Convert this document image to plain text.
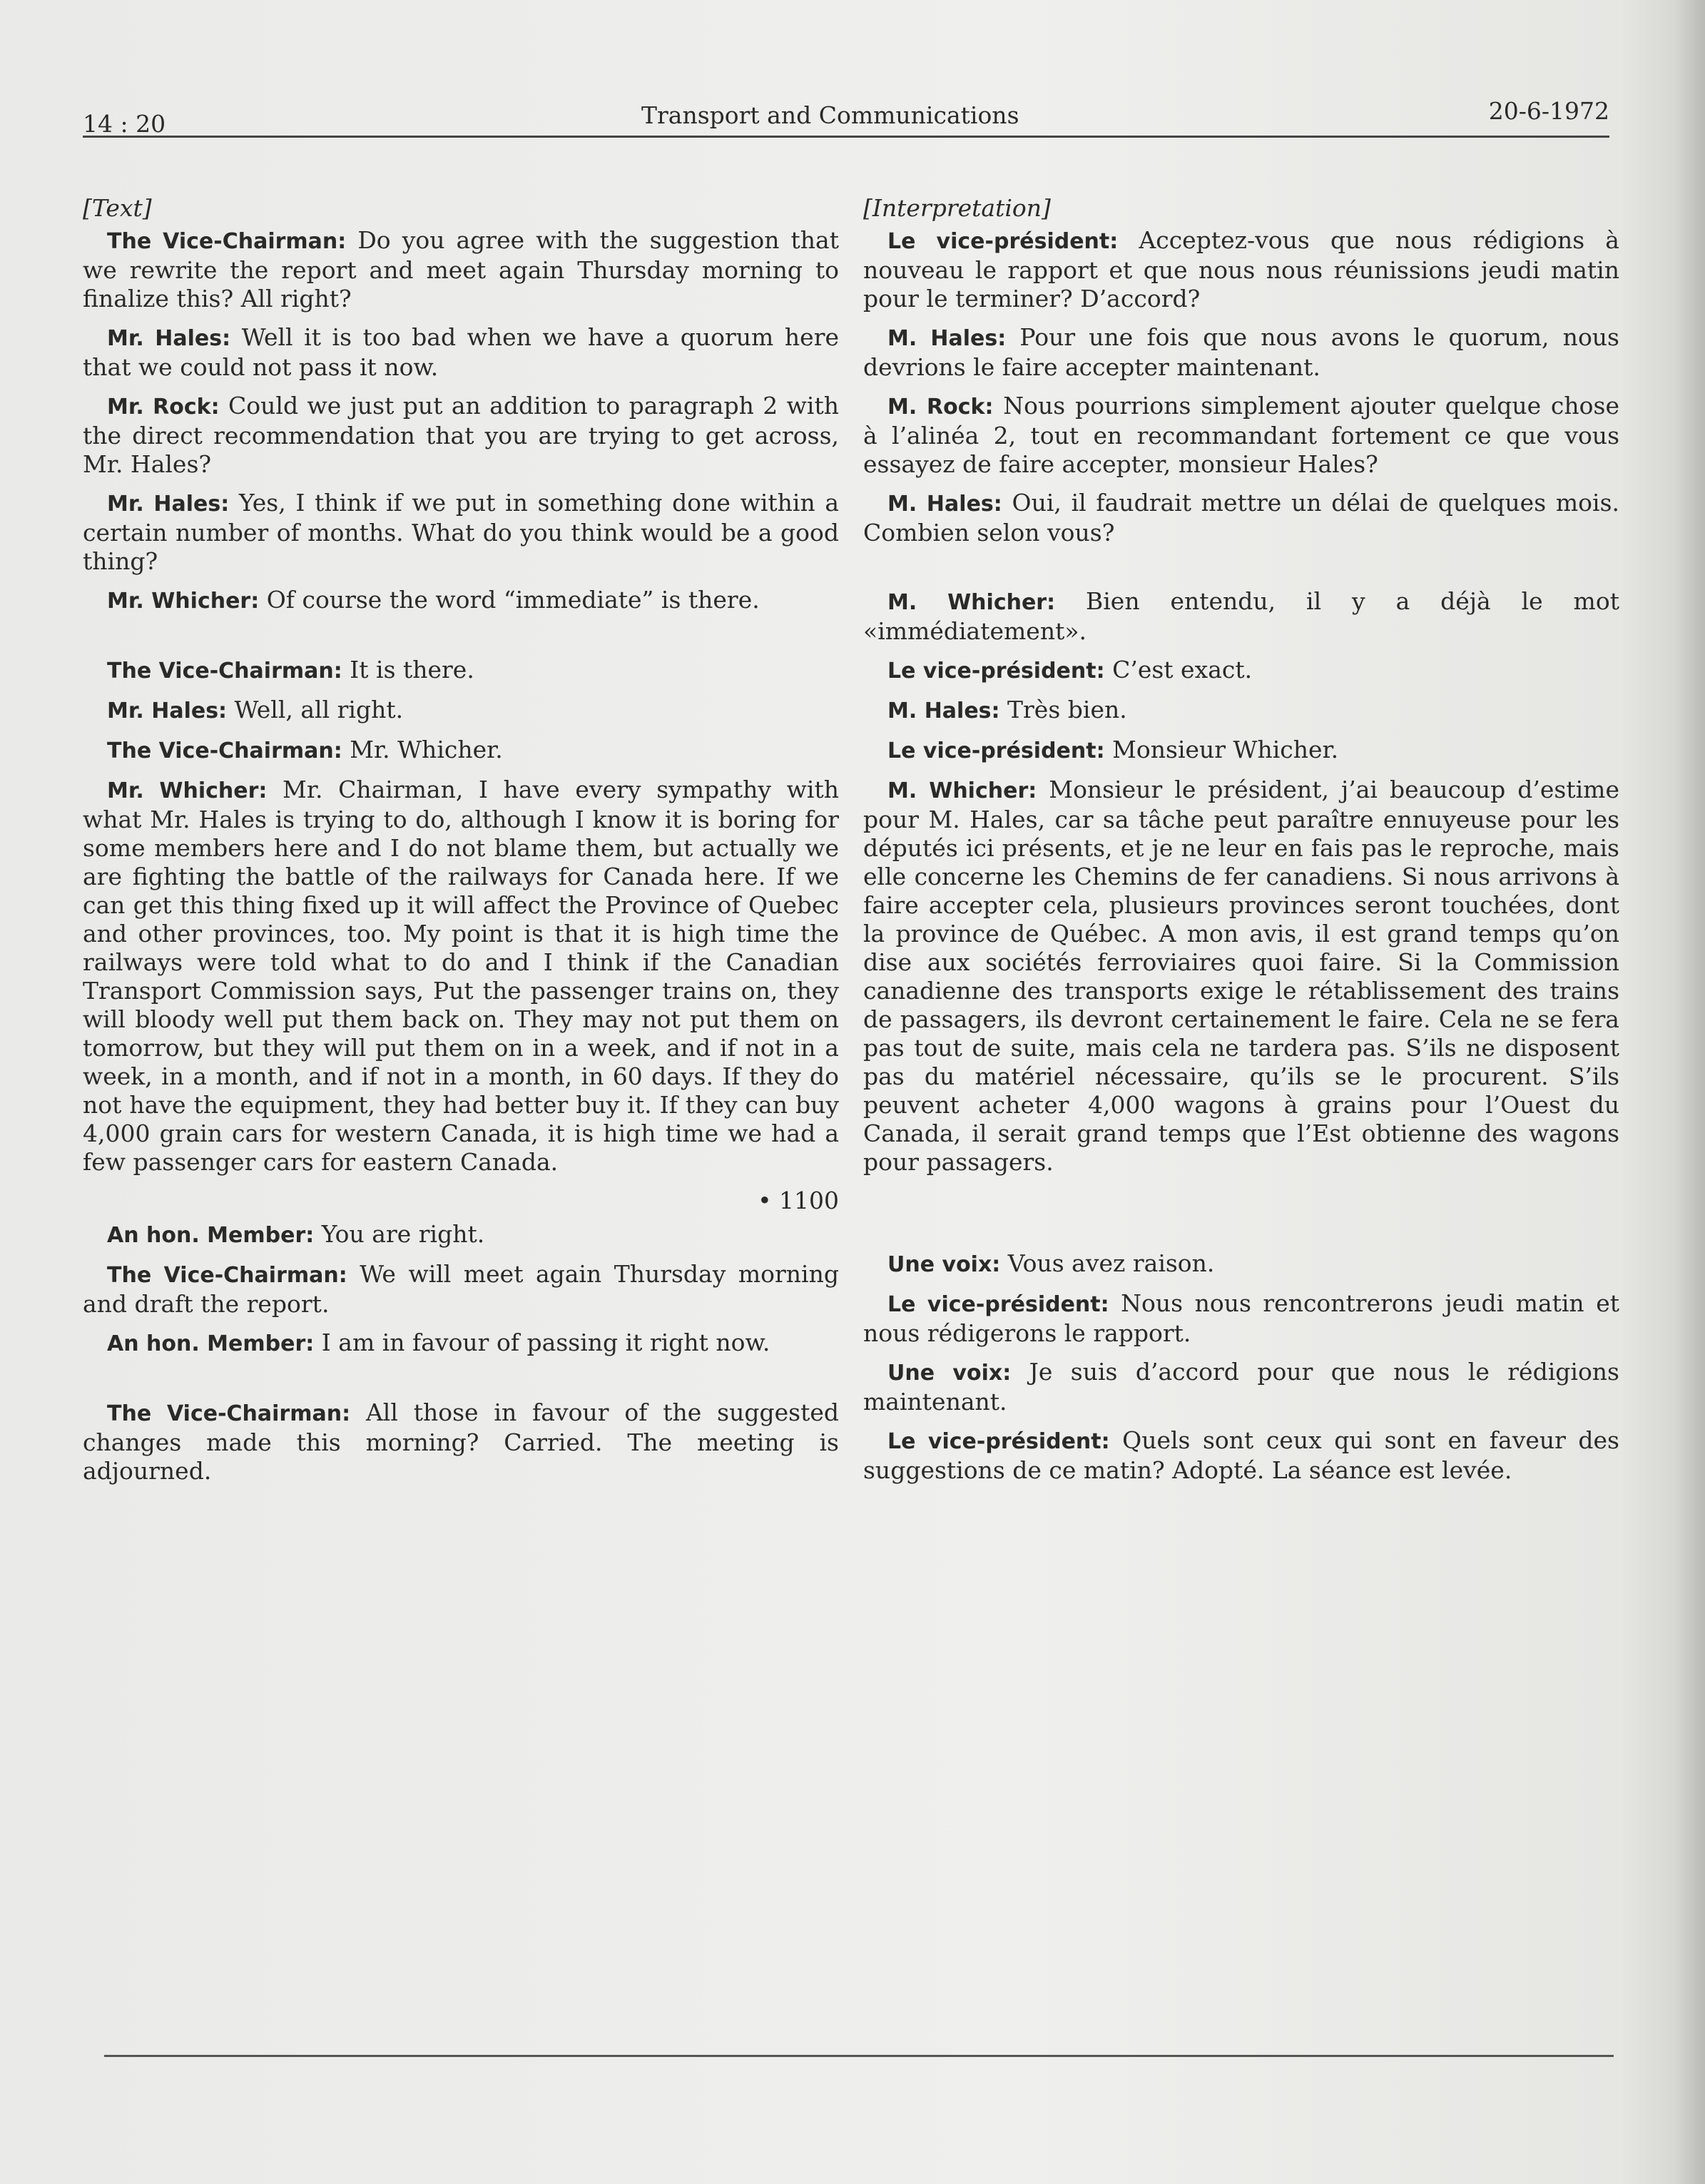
14 : 20	Transport and Communications	20-6-1972
[Text]

The Vice-Chairman: Do you agree with the suggestion that we rewrite the report and meet again Thursday morning to finalize this? All right?

Mr. Hales: Well it is too bad when we have a quorum here that we could not pass it now.

Mr. Rock: Could we just put an addition to paragraph 2 with the direct recommendation that you are trying to get across, Mr. Hales?

Mr. Hales: Yes, I think if we put in something done within a certain number of months. What do you think would be a good thing?

Mr. Whicher: Of course the word “immediate” is there.

The Vice-Chairman: It is there.

Mr. Hales: Well, all right.

The Vice-Chairman: Mr. Whicher.

Mr. Whicher: Mr. Chairman, I have every sympathy with what Mr. Hales is trying to do, although I know it is boring for some members here and I do not blame them, but actually we are fighting the battle of the railways for Canada here. If we can get this thing fixed up it will affect the Province of Quebec and other provinces, too. My point is that it is high time the railways were told what to do and I think if the Canadian Transport Commission says, Put the passenger trains on, they will bloody well put them back on. They may not put them on tomorrow, but they will put them on in a week, and if not in a week, in a month, and if not in a month, in 60 days. If they do not have the equipment, they had better buy it. If they can buy 4,000 grain cars for western Canada, it is high time we had a few passenger cars for eastern Canada.

• 1100

An hon. Member: You are right.

The Vice-Chairman: We will meet again Thursday morning and draft the report.

An hon. Member: I am in favour of passing it right now.

The Vice-Chairman: All those in favour of the suggested changes made this morning? Carried. The meeting is adjourned.

[Interpretation]

Le vice-président: Acceptez-vous que nous rédigions à nouveau le rapport et que nous nous réunissions jeudi matin pour le terminer? D’accord?

M. Hales: Pour une fois que nous avons le quorum, nous devrions le faire accepter maintenant.

M. Rock: Nous pourrions simplement ajouter quelque chose à l’alinéa 2, tout en recommandant fortement ce que vous essayez de faire accepter, monsieur Hales?

M. Hales: Oui, il faudrait mettre un délai de quelques mois. Combien selon vous?

M. Whicher: Bien entendu, il y a déjà le mot «immédiatement».

Le vice-président: C’est exact.

M. Hales: Très bien.

Le vice-président: Monsieur Whicher.

M. Whicher: Monsieur le président, j’ai beaucoup d’estime pour M. Hales, car sa tâche peut paraître ennuyeuse pour les députés ici présents, et je ne leur en fais pas le reproche, mais elle concerne les Chemins de fer canadiens. Si nous arrivons à faire accepter cela, plusieurs provinces seront touchées, dont la province de Québec. A mon avis, il est grand temps qu’on dise aux sociétés ferroviaires quoi faire. Si la Commission canadienne des transports exige le rétablissement des trains de passagers, ils devront certainement le faire. Cela ne se fera pas tout de suite, mais cela ne tardera pas. S’ils ne disposent pas du matériel nécessaire, qu’ils se le procurent. S’ils peuvent acheter 4,000 wagons à grains pour l’Ouest du Canada, il serait grand temps que l’Est obtienne des wagons pour passagers.

Une voix: Vous avez raison.

Le vice-président: Nous nous rencontrerons jeudi matin et nous rédigerons le rapport.

Une voix: Je suis d’accord pour que nous le rédigions maintenant.

Le vice-président: Quels sont ceux qui sont en faveur des suggestions de ce matin? Adopté. La séance est levée.
